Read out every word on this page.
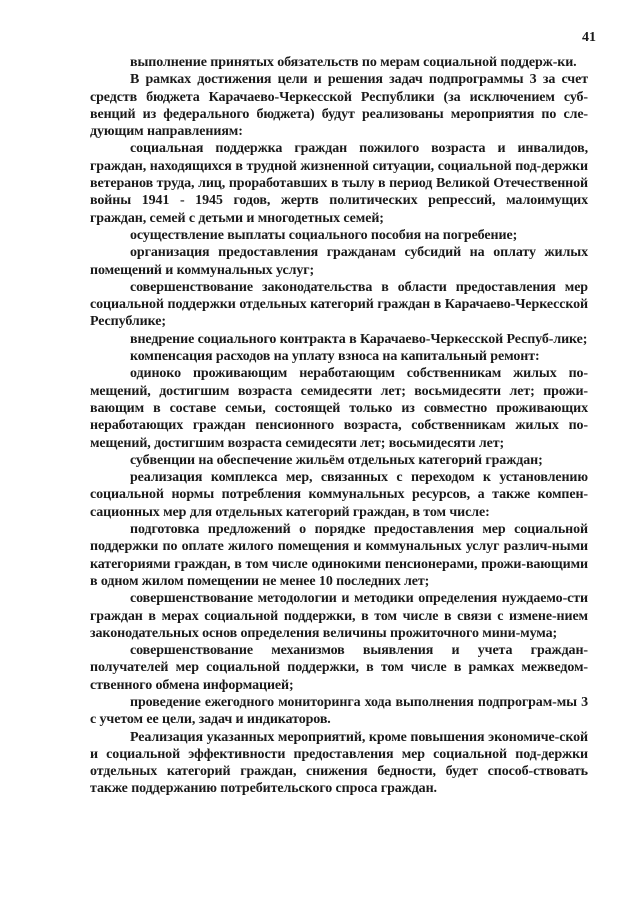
41

выполнение принятых обязательств по мерам социальной поддерж-ки.

В рамках достижения цели и решения задач подпрограммы 3 за счет средств бюджета Карачаево-Черкесской Республики (за исключением суб-венций из федерального бюджета) будут реализованы мероприятия по сле-дующим направлениям:

социальная поддержка граждан пожилого возраста и инвалидов, граждан, находящихся в трудной жизненной ситуации, социальной под-держки ветеранов труда, лиц, проработавших в тылу в период Великой Отечественной войны 1941 - 1945 годов, жертв политических репрессий, малоимущих граждан, семей с детьми и многодетных семей;

осуществление выплаты социального пособия на погребение;

организация предоставления гражданам субсидий на оплату жилых помещений и коммунальных услуг;

совершенствование законодательства в области предоставления мер социальной поддержки отдельных категорий граждан в Карачаево-Черкесской Республике;

внедрение социального контракта в Карачаево-Черкесской Респуб-лике;

компенсация расходов на уплату взноса на капитальный ремонт:

одиноко проживающим неработающим собственникам жилых по-мещений, достигшим возраста семидесяти лет; восьмидесяти лет; прожи-вающим в составе семьи, состоящей только из совместно проживающих неработающих граждан пенсионного возраста, собственникам жилых по-мещений, достигшим возраста семидесяти лет; восьмидесяти лет;

субвенции на обеспечение жильём отдельных категорий граждан;

реализация комплекса мер, связанных с переходом к установлению социальной нормы потребления коммунальных ресурсов, а также компен-сационных мер для отдельных категорий граждан, в том числе:

подготовка предложений о порядке предоставления мер социальной поддержки по оплате жилого помещения и коммунальных услуг различ-ными категориями граждан, в том числе одинокими пенсионерами, прожи-вающими в одном жилом помещении не менее 10 последних лет;

совершенствование методологии и методики определения нуждаемо-сти граждан в мерах социальной поддержки, в том числе в связи с измене-нием законодательных основ определения величины прожиточного мини-мума;

совершенствование механизмов выявления и учета граждан-получателей мер социальной поддержки, в том числе в рамках межведом-ственного обмена информацией;

проведение ежегодного мониторинга хода выполнения подпрограм-мы 3 с учетом ее цели, задач и индикаторов.

Реализация указанных мероприятий, кроме повышения экономиче-ской и социальной эффективности предоставления мер социальной под-держки отдельных категорий граждан, снижения бедности, будет способ-ствовать также поддержанию потребительского спроса граждан.
